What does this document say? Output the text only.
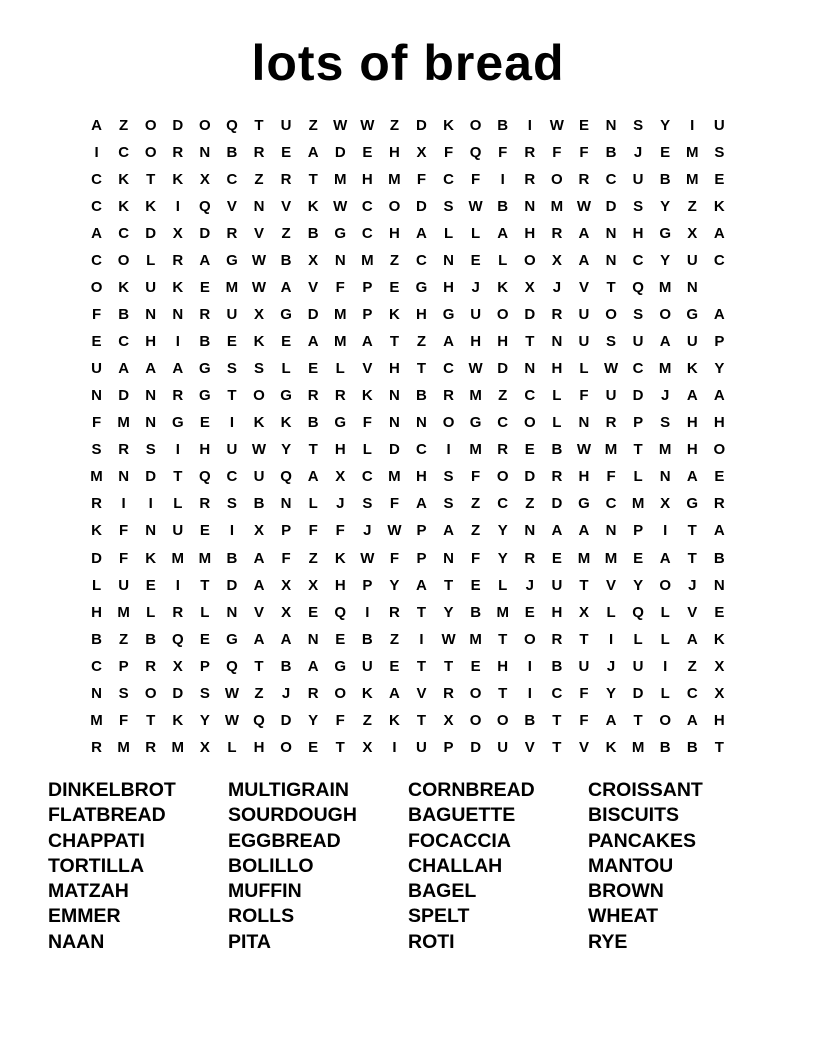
lots of bread
A	Z	O	D	O	Q	T	U	Z	W W	Z	D	K	O	B	I	W E	N	S	Y	I	U
I	C	O	R	N	B	R	E	A	D	E	H	X	F	Q	F	R	F	F	B	J	E	M	S
C	K	T	K	X	C	Z	R	T	M	H	M	F	C	F	I	R	O	R	C	U	B	M	E
C	K	K	I	Q	V	N	V	K W C	O	D	S W B	N	M W D	S	Y	Z	K
A	C	D	X	D	R	V	Z	B	G	C	H	A	L	L	A	H	R	A	N	H	G	X	A
C	O	L	R	A	G W B	X	N	M	Z	C	N	E	L	O	X	A	N	C	Y	U	C
O	K	U	K	E	M W A	V	F	P	E	G	H	J	K	X	J	V	T	Q M	N
F	B	N	N	R	U	X	G	D	M	P	K	H	G	U	O	D	R	U	O	S	O	G	A
E	C	H	I	B	E	K	E	A	M	A	T	Z	A	H	H	T	N	U	S	U	A	U	P
U	A	A	A	G	S	S	L	E	L	V	H	T	C W D	N	H	L	W C	M	K	Y
N	D	N	R	G	T	O	G	R	R	K	N	B	R	M	Z	C	L	F	U	D	J	A	A
F	M	N	G	E	I	K	K	B	G	F	N	N	O	G	C	O	L	N	R	P	S	H	H
S	R	S	I	H	U W Y	T	H	L	D	C	I	M	R	E	B W M	T	M	H	O
M	N	D	T	Q	C	U	Q	A	X	C	M	H	S	F	O	D	R	H	F	L	N	A	E
R	I	I	L	R	S	B	N	L	J	S	F	A	S	Z	C	Z	D	G	C	M	X	G	R
K	F	N	U	E	I	X	P	F	F	J	W P	A	Z	Y	N	A	A	N	P	I	T	A
D	F	K	M M	B	A	F	Z	K W	F	P	N	F	Y	R	E	M M	E	A	T	B
L	U	E	I	T	D	A	X	X	H	P	Y	A	T	E	L	J	U	T	V	Y	O	J	N
H	M	L	R	L	N	V	X	E	Q	I	R	T	Y	B	M	E	H	X	L	Q	L	V	E
B	Z	B	Q	E	G	A	A	N	E	B	Z	I	W M	T	O	R	T	I	L	L	A	K
C	P	R	X	P	Q	T	B	A	G	U	E	T	T	E	H	I	B	U	J	U	I	Z	X
N	S	O	D	S W	Z	J	R	O	K	A	V	R	O	T	I	C	F	Y	D	L	C	X
M	F	T	K	Y W Q	D	Y	F	Z	K	T	X	O	O	B	T	F	A	T	O	A	H
R	M	R	M	X	L	H	O	E	T	X	I	U	P	D	U	V	T	V	K	M	B	B	T
DINKELBROT	MULTIGRAIN	CORNBREAD	CROISSANT
FLATBREAD	SOURDOUGH	BAGUETTE	BISCUITS
CHAPPATI	EGGBREAD	FOCACCIA	PANCAKES
TORTILLA	BOLILLO	CHALLAH	MANTOU
MATZAH	MUFFIN	BAGEL	BROWN
EMMER	ROLLS	SPELT	WHEAT
NAAN	PITA	ROTI	RYE
